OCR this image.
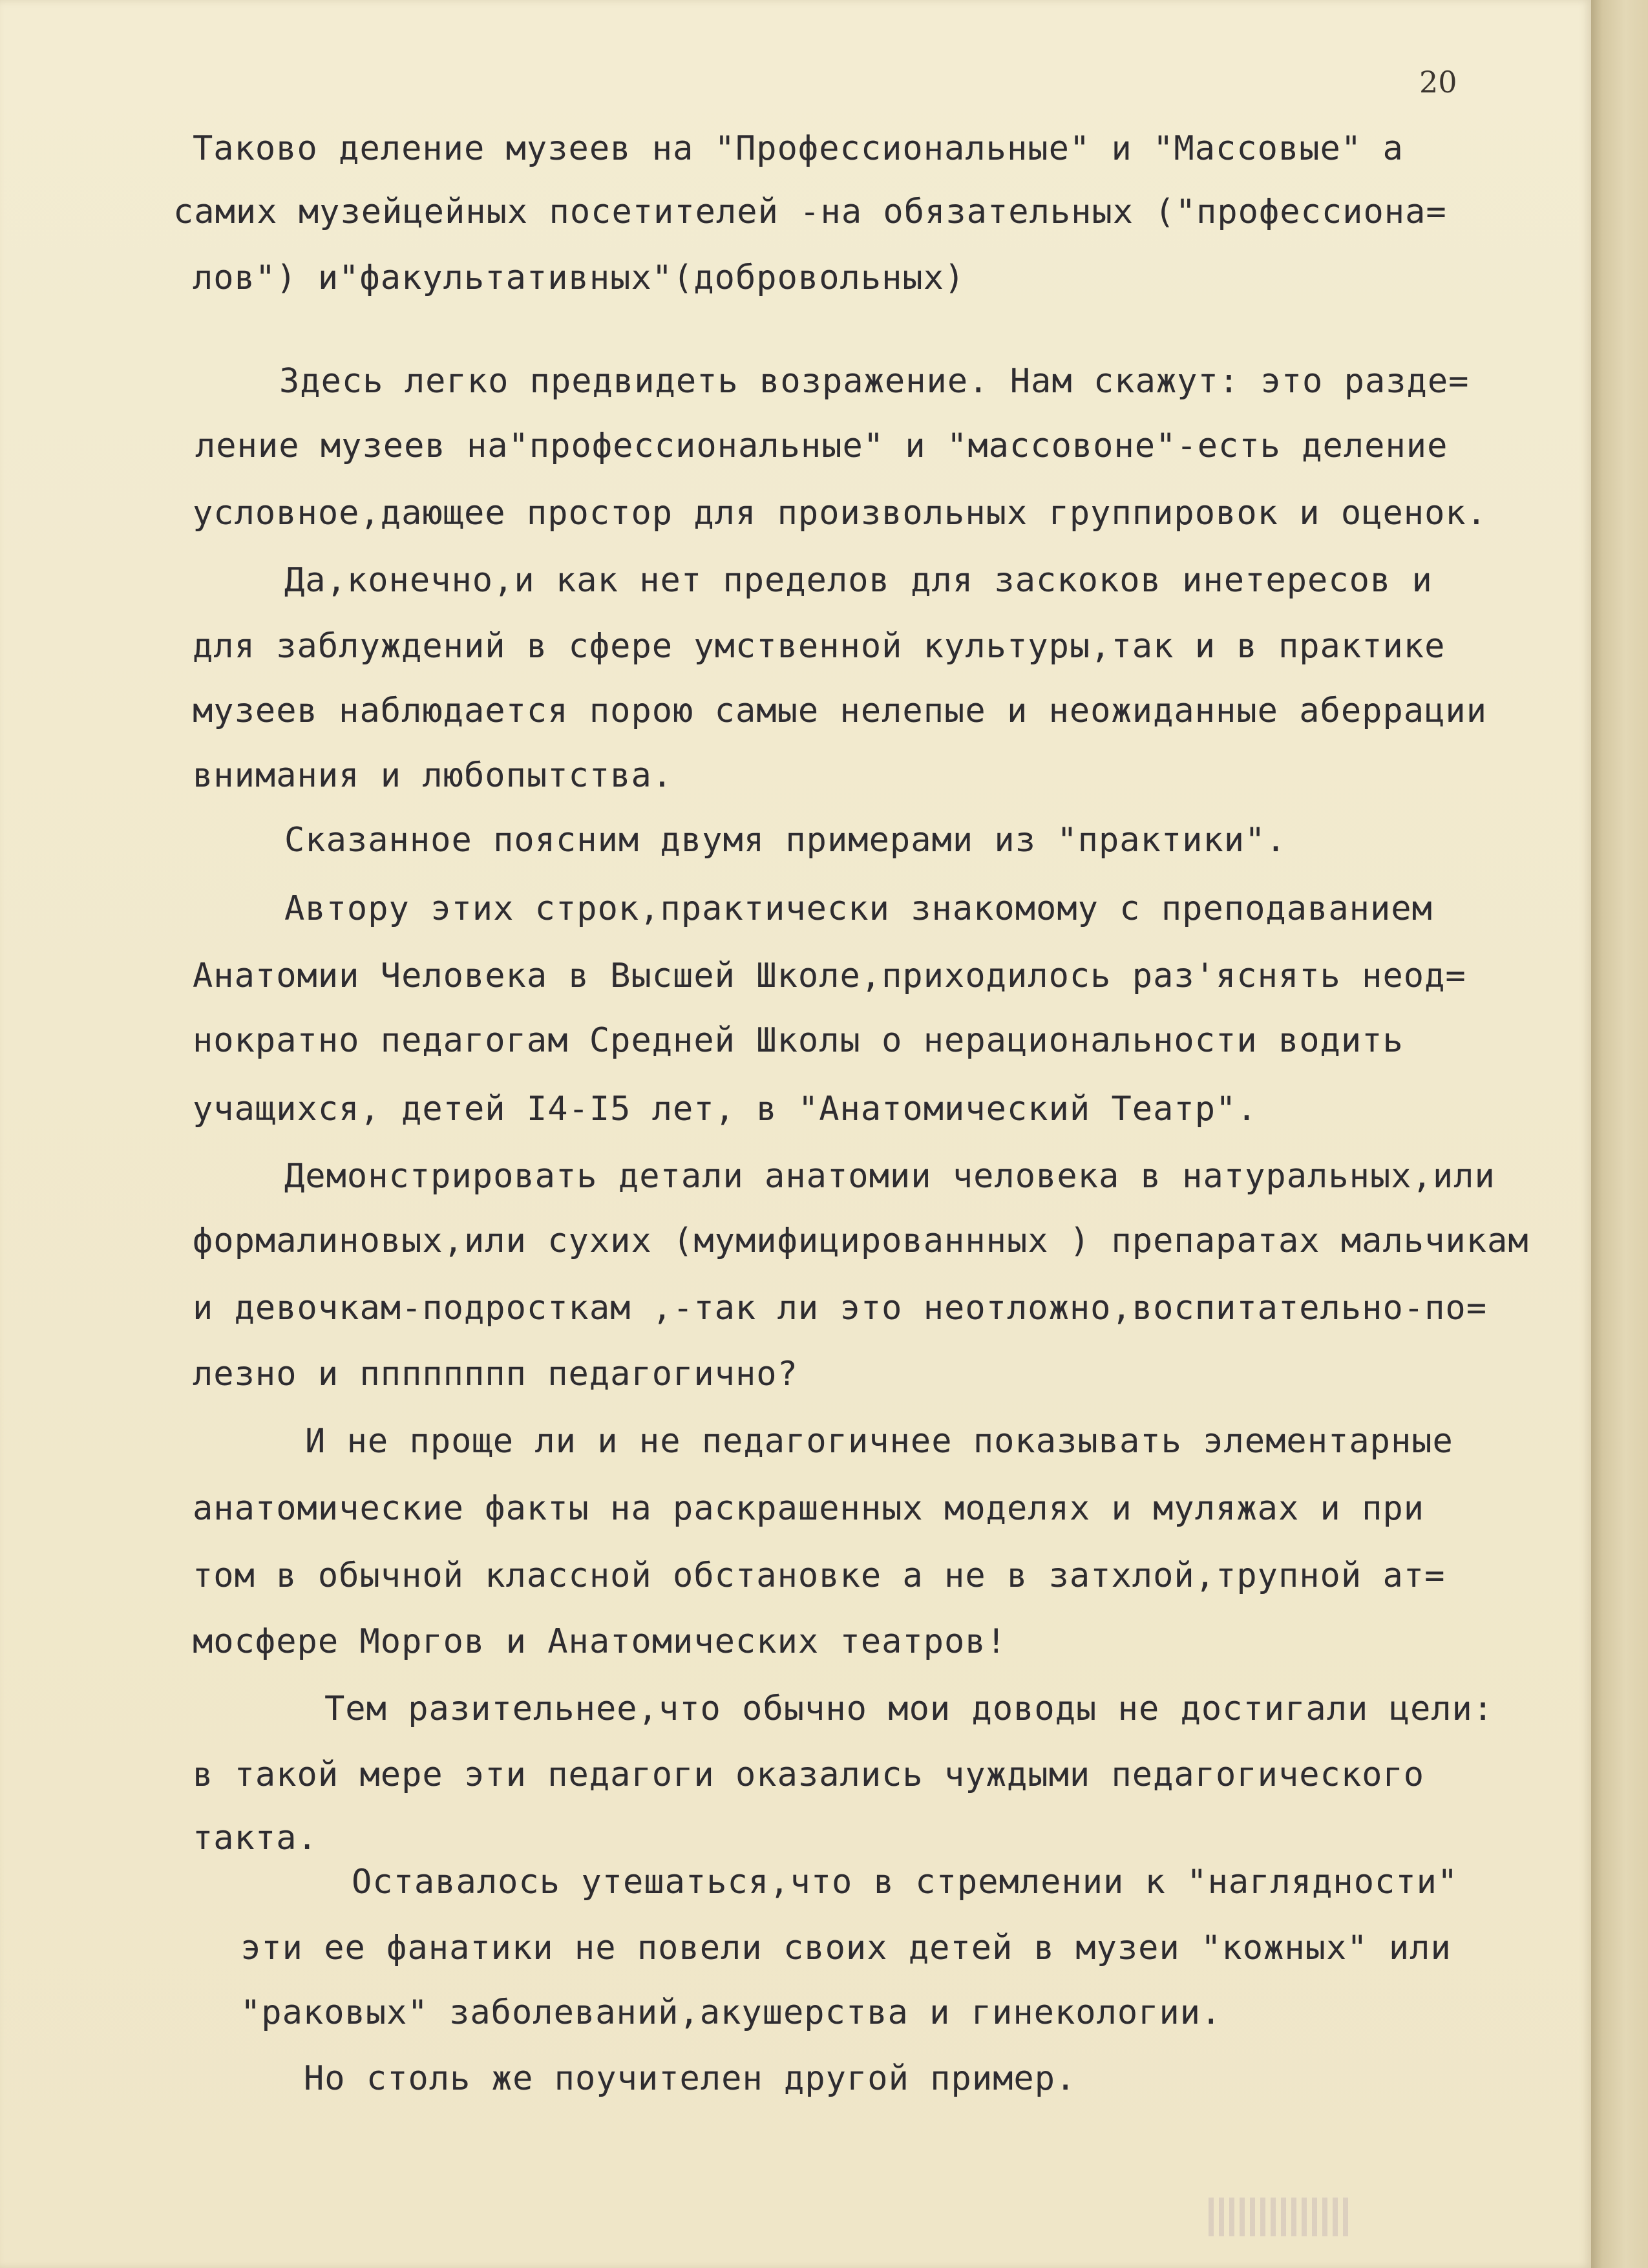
20
Таково деление музеев на "Профессиональные" и "Массовые" а
самих музейцейных посетителей -на обязательных ("профессиона=
лов") и"факультативных"(добровольных)
Здесь легко предвидеть возражение. Нам скажут: это разде=
ление музеев на"профессиональные" и "массовоне"-есть деление
условное,дающее простор для произвольных группировок и оценок.
Да,конечно,и как нет пределов для заскоков инетересов и
для заблуждений в сфере умственной культуры,так и в практике
музеев наблюдается порою самые нелепые и неожиданные аберрации
внимания и любопытства.
Сказанное поясним двумя примерами из "практики".
Автору этих строк,практически знакомому с преподаванием
Анатомии Человека в Высшей Школе,приходилось раз'яснять неод=
нократно педагогам Средней Школы о нерациональности водить
учащихся, детей I4-I5 лет, в "Анатомический Театр".
Демонстрировать детали анатомии человека в натуральных,или
формалиновых,или сухих (мумифицированнных ) препаратах мальчикам
и девочкам-подросткам ,-так ли это неотложно,воспитательно-по=
лезно и пппппппп педагогично?
И не проще ли и не педагогичнее показывать элементарные
анатомические факты на раскрашенных моделях и муляжах и при
том в обычной классной обстановке а не в затхлой,трупной ат=
мосфере Моргов и Анатомических театров!
Тем разительнее,что обычно мои доводы не достигали цели:
в такой мере эти педагоги оказались чуждыми педагогического
такта.
Оставалось утешаться,что в стремлении к "наглядности"
эти ее фанатики не повели своих детей в музеи "кожных" или
"раковых" заболеваний,акушерства и гинекологии.
Но столь же поучителен другой пример.
